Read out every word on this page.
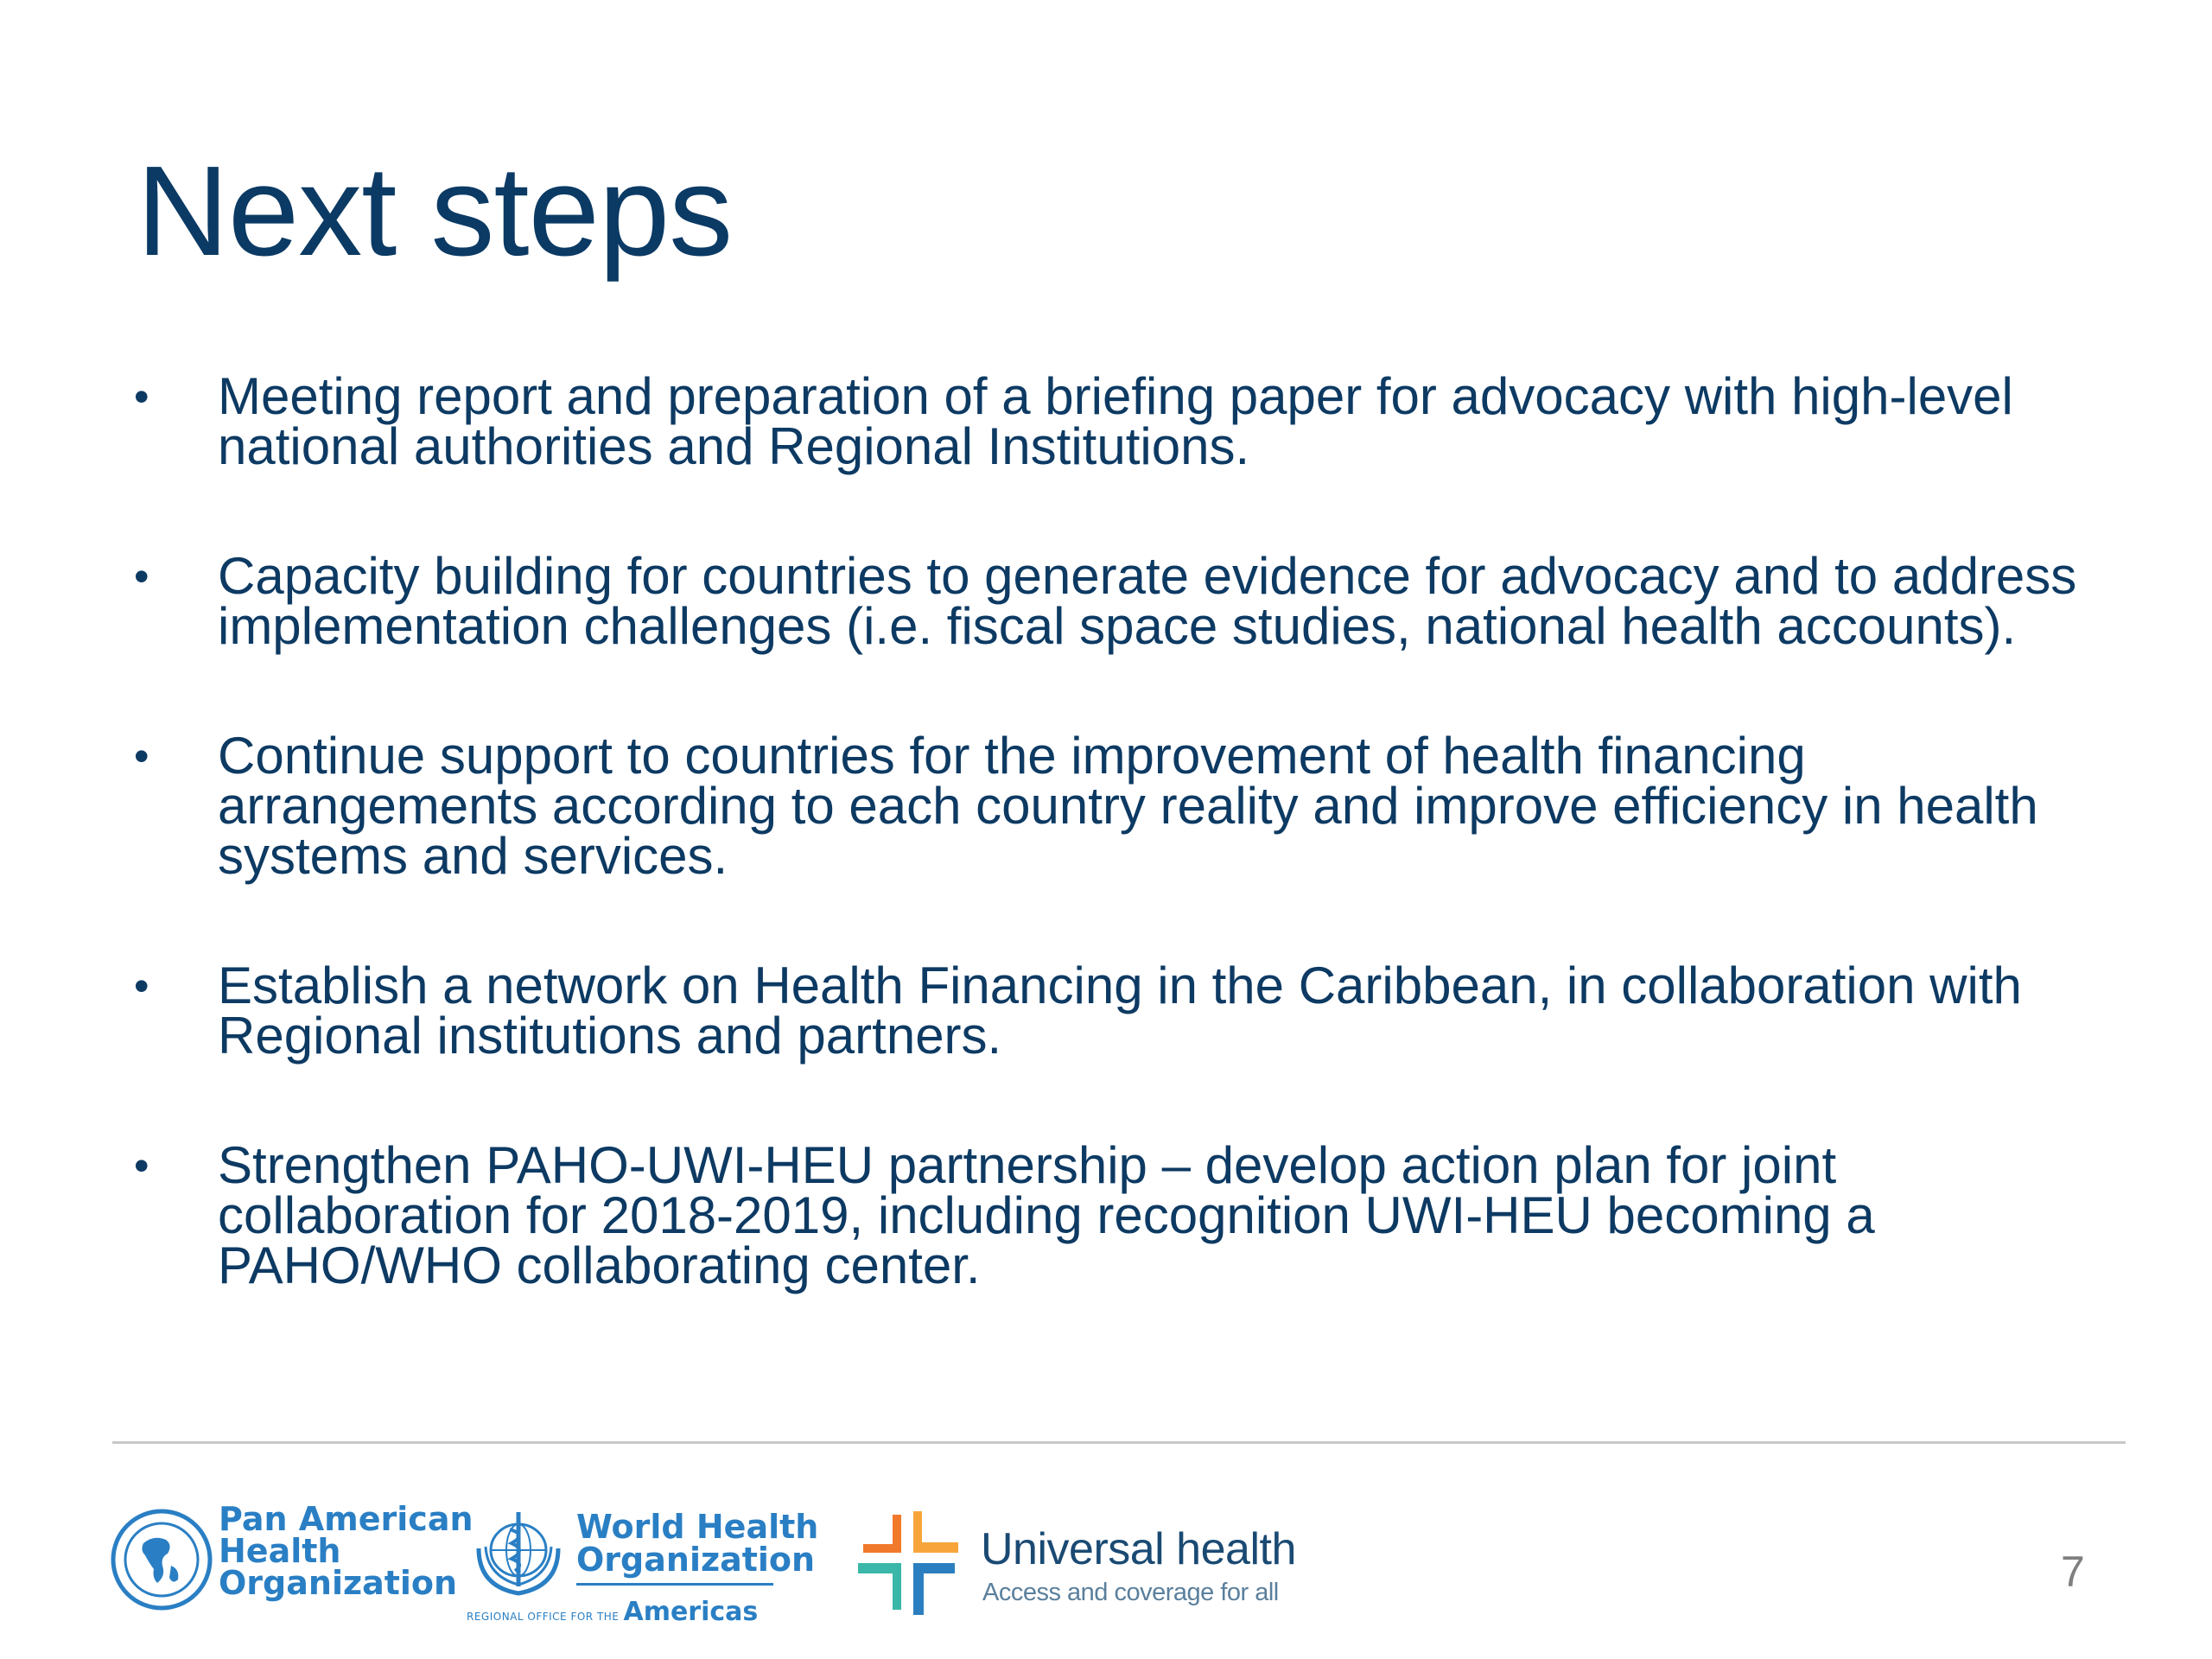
Next steps
• Meeting report and preparation of a briefing paper for advocacy with high-level national authorities and Regional Institutions.
• Capacity building for countries to generate evidence for advocacy and to address implementation challenges (i.e. fiscal space studies, national health accounts).
• Continue support to countries for the improvement of health financing arrangements according to each country reality and improve efficiency in health systems and services.
• Establish a network on Health Financing in the Caribbean, in collaboration with Regional institutions and partners.
• Strengthen PAHO-UWI-HEU partnership – develop action plan for joint collaboration for 2018-2019, including recognition UWI-HEU becoming a PAHO/WHO collaborating center.
Pan American
Health
Organization
World Health
Organization
REGIONAL OFFICE FOR THE Americas
Universal health
Access and coverage for all	7
